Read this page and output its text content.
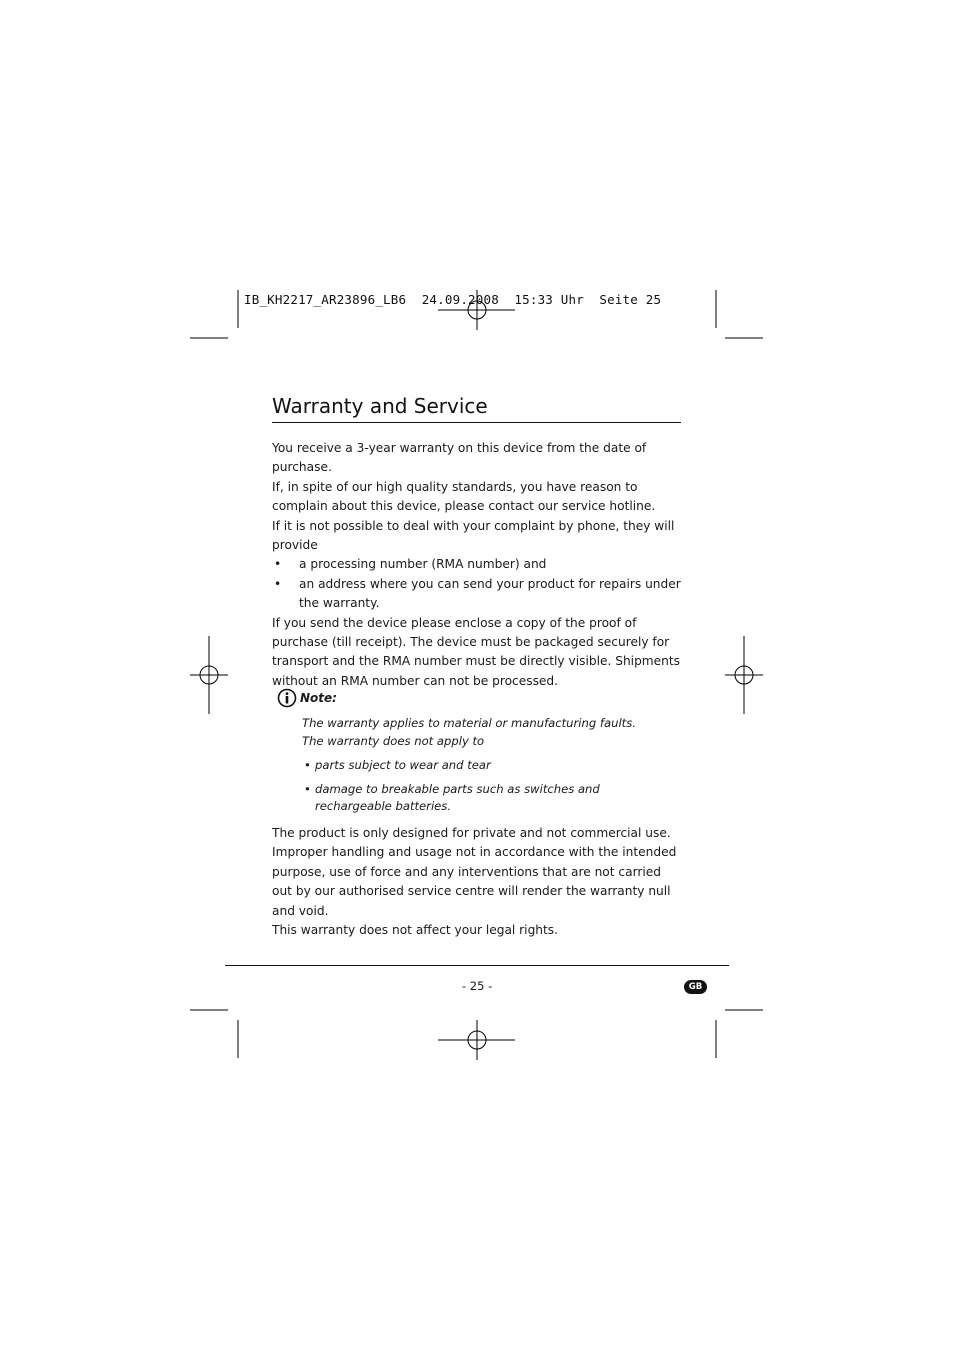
IB_KH2217_AR23896_LB6  24.09.2008  15:33 Uhr  Seite 25
Warranty and Service

You receive a 3-year warranty on this device from the date of purchase.

If, in spite of our high quality standards, you have reason to complain about this device, please contact our service hotline.

If it is not possible to deal with your complaint by phone, they will provide

• a processing number (RMA number) and
• an address where you can send your product for repairs under the warranty.

If you send the device please enclose a copy of the proof of purchase (till receipt). The device must be packaged securely for transport and the RMA number must be directly visible. Shipments without an RMA number can not be processed.

Note:

The warranty applies to material or manufacturing faults.

The warranty does not apply to

• parts subject to wear and tear
• damage to breakable parts such as switches and rechargeable batteries.

The product is only designed for private and not commercial use. Improper handling and usage not in accordance with the intended purpose, use of force and any interventions that are not carried out by our authorised service centre will render the warranty null and void.

This warranty does not affect your legal rights.

- 25 -	GB
